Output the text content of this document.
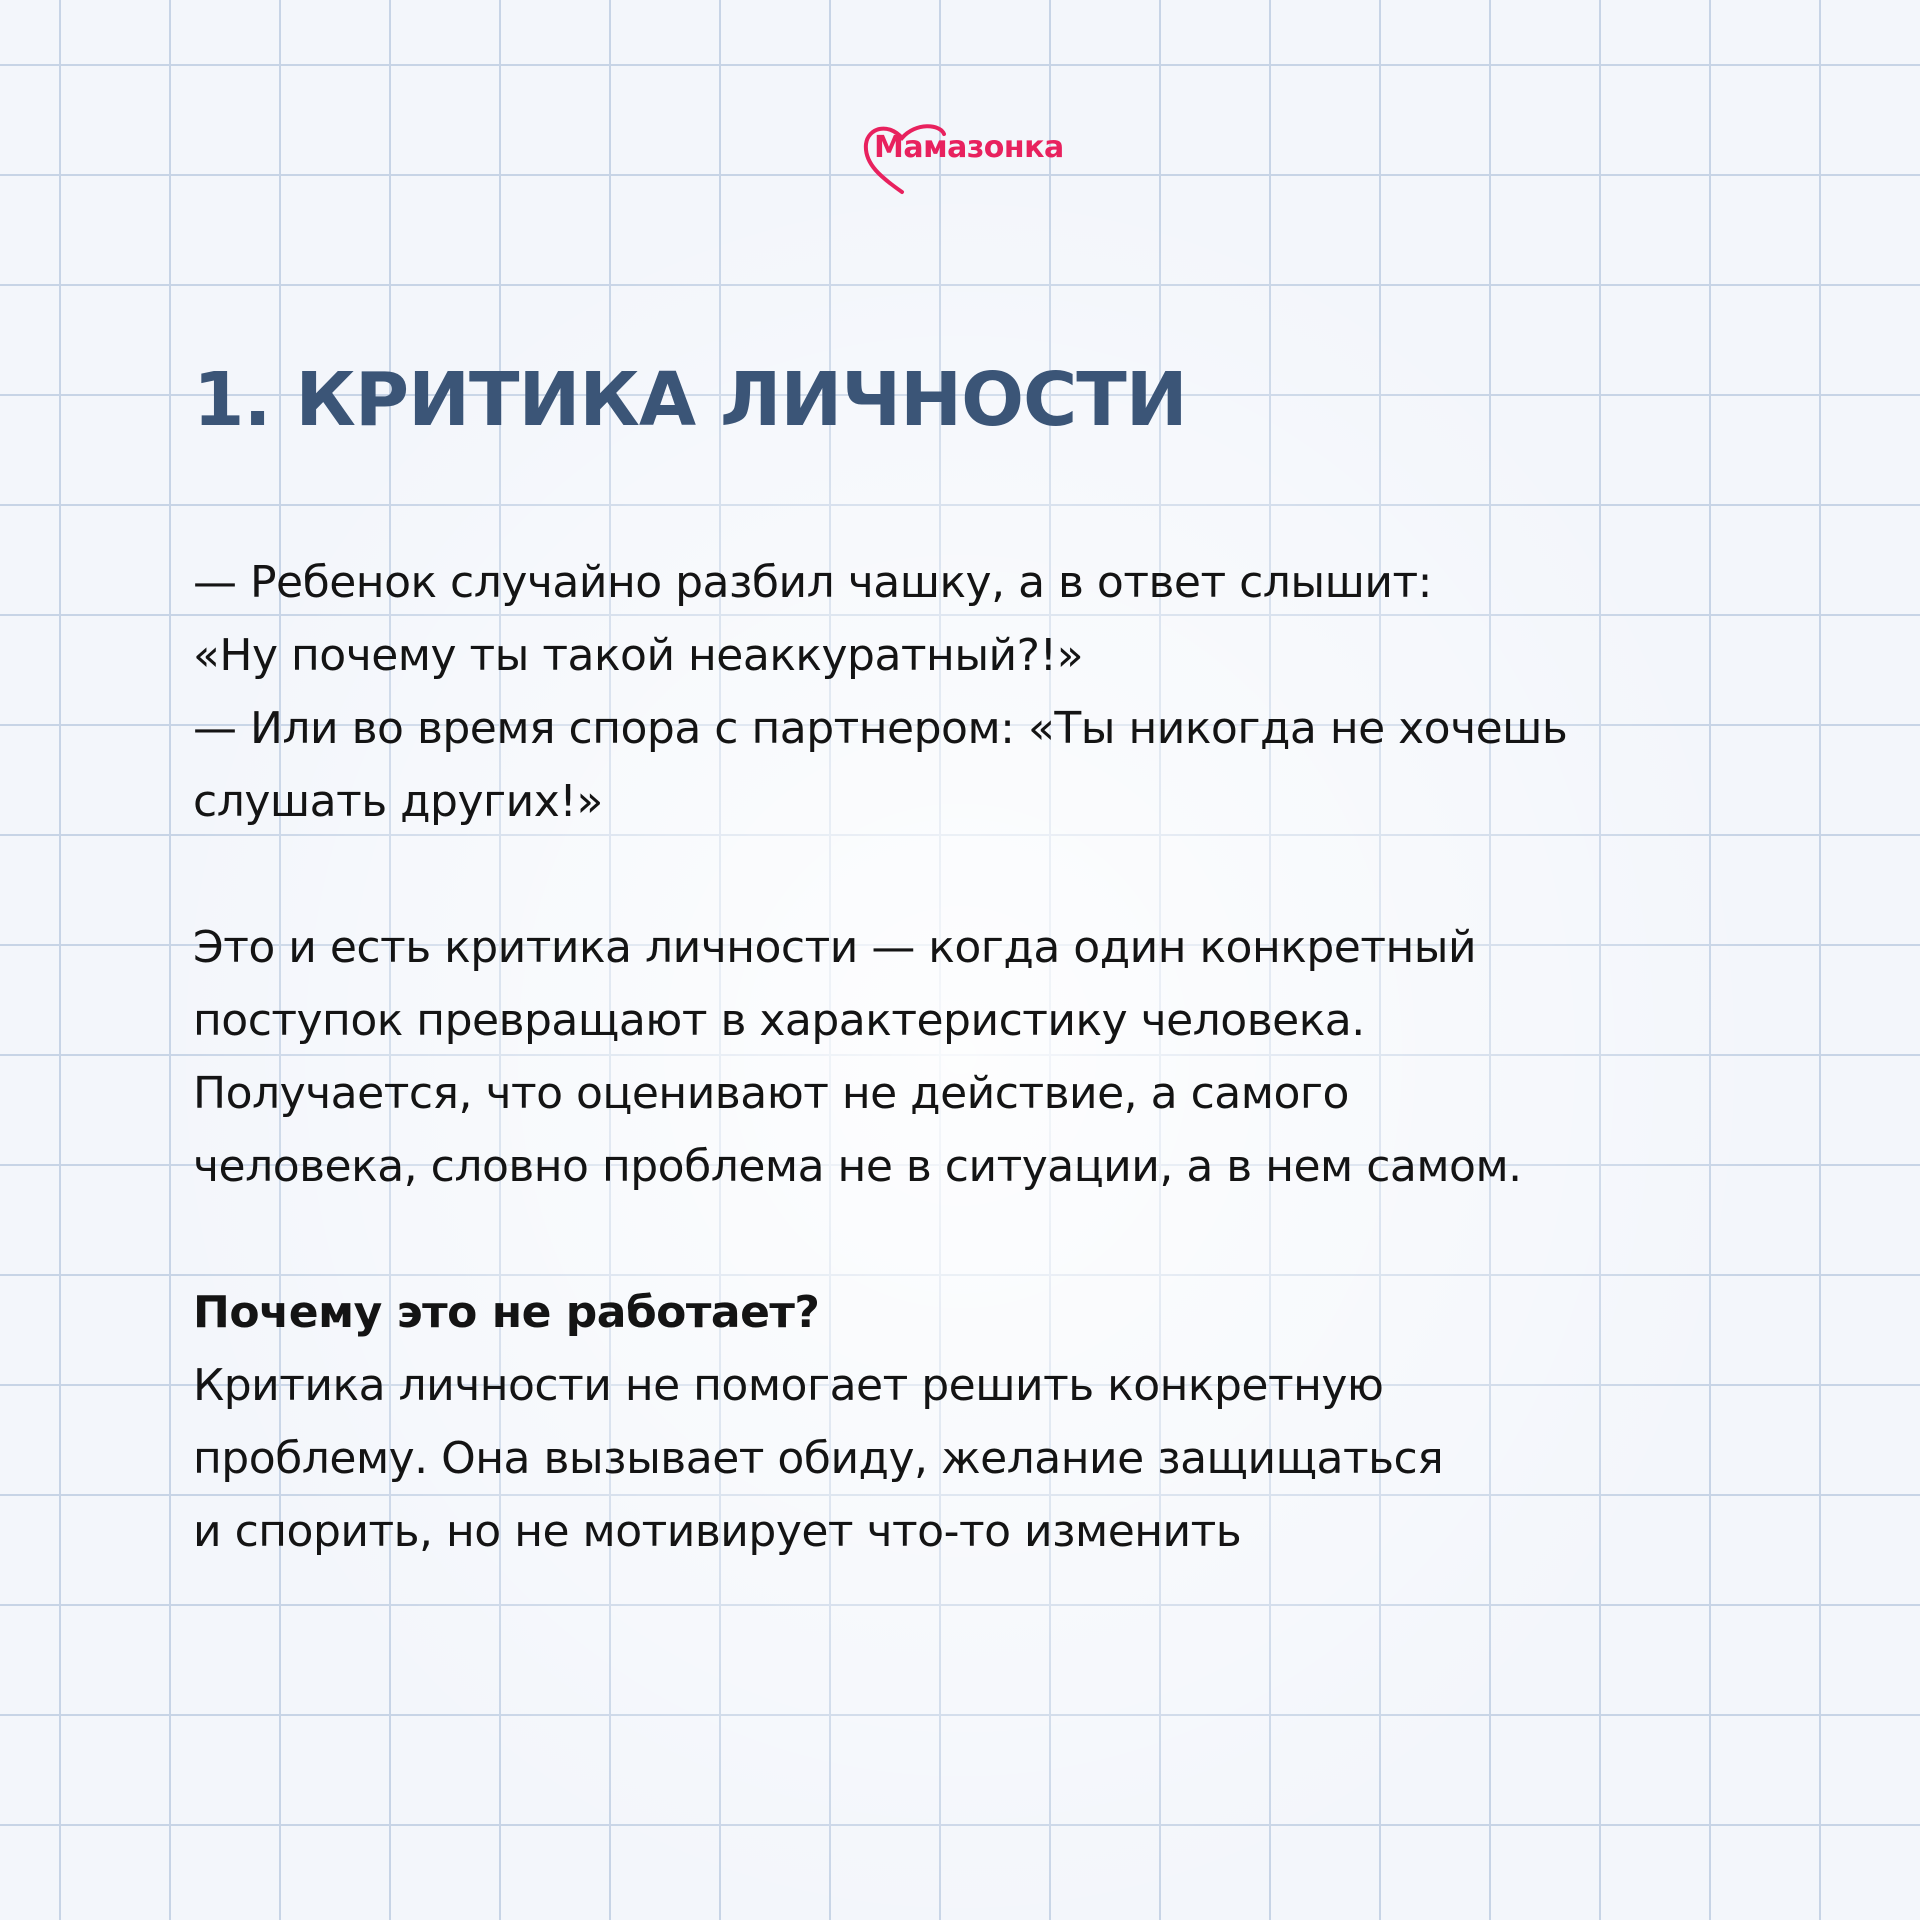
Мамазонка
1. КРИТИКА ЛИЧНОСТИ
— Ребенок случайно разбил чашку, а в ответ слышит:
«Ну почему ты такой неаккуратный?!»
— Или во время спора с партнером: «Ты никогда не хочешь
слушать других!»
Это и есть критика личности — когда один конкретный
поступок превращают в характеристику человека.
Получается, что оценивают не действие, а самого
человека, словно проблема не в ситуации, а в нем самом.
Почему это не работает?
Критика личности не помогает решить конкретную
проблему. Она вызывает обиду, желание защищаться
и спорить, но не мотивирует что-то изменить
